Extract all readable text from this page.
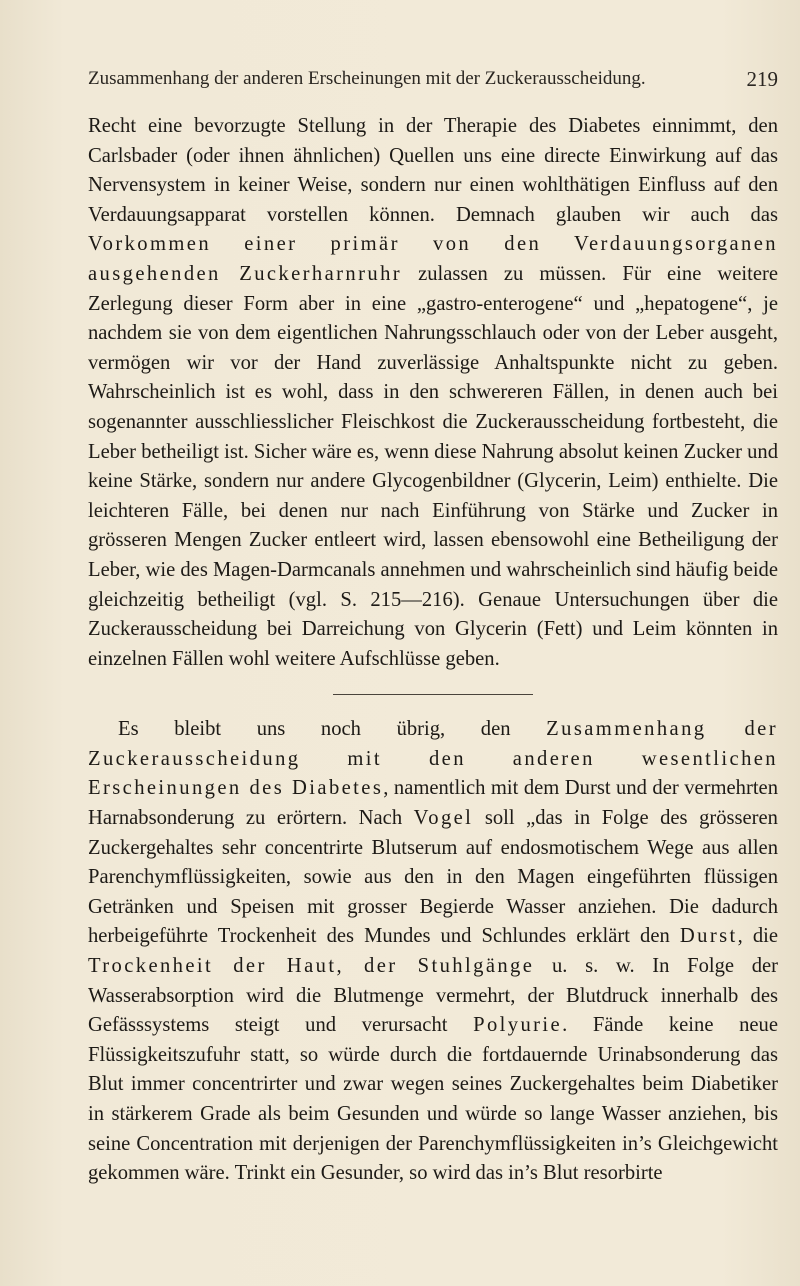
Zusammenhang der anderen Erscheinungen mit der Zuckerausscheidung.	219

Recht eine bevorzugte Stellung in der Therapie des Diabetes einnimmt, den Carlsbader (oder ihnen ähnlichen) Quellen uns eine directe Einwirkung auf das Nervensystem in keiner Weise, sondern nur einen wohlthätigen Einfluss auf den Verdauungsapparat vorstellen können. Demnach glauben wir auch das Vorkommen einer primär von den Verdauungsorganen ausgehenden Zuckerharnruhr zulassen zu müssen. Für eine weitere Zerlegung dieser Form aber in eine „gastro-enterogene“ und „hepatogene“, je nachdem sie von dem eigentlichen Nahrungsschlauch oder von der Leber ausgeht, vermögen wir vor der Hand zuverlässige Anhaltspunkte nicht zu geben. Wahrscheinlich ist es wohl, dass in den schwereren Fällen, in denen auch bei sogenannter ausschliesslicher Fleischkost die Zuckerausscheidung fortbesteht, die Leber betheiligt ist. Sicher wäre es, wenn diese Nahrung absolut keinen Zucker und keine Stärke, sondern nur andere Glycogenbildner (Glycerin, Leim) enthielte. Die leichteren Fälle, bei denen nur nach Einführung von Stärke und Zucker in grösseren Mengen Zucker entleert wird, lassen ebensowohl eine Betheiligung der Leber, wie des Magen-Darmcanals annehmen und wahrscheinlich sind häufig beide gleichzeitig betheiligt (vgl. S. 215—216). Genaue Untersuchungen über die Zuckerausscheidung bei Darreichung von Glycerin (Fett) und Leim könnten in einzelnen Fällen wohl weitere Aufschlüsse geben.

Es bleibt uns noch übrig, den Zusammenhang der Zuckerausscheidung mit den anderen wesentlichen Erscheinungen des Diabetes, namentlich mit dem Durst und der vermehrten Harnabsonderung zu erörtern. Nach Vogel soll „das in Folge des grösseren Zuckergehaltes sehr concentrirte Blutserum auf endosmotischem Wege aus allen Parenchymflüssigkeiten, sowie aus den in den Magen eingeführten flüssigen Getränken und Speisen mit grosser Begierde Wasser anziehen. Die dadurch herbeigeführte Trockenheit des Mundes und Schlundes erklärt den Durst, die Trockenheit der Haut, der Stuhlgänge u. s. w. In Folge der Wasserabsorption wird die Blutmenge vermehrt, der Blutdruck innerhalb des Gefässsystems steigt und verursacht Polyurie. Fände keine neue Flüssigkeitszufuhr statt, so würde durch die fortdauernde Urinabsonderung das Blut immer concentrirter und zwar wegen seines Zuckergehaltes beim Diabetiker in stärkerem Grade als beim Gesunden und würde so lange Wasser anziehen, bis seine Concentration mit derjenigen der Parenchymflüssigkeiten in’s Gleichgewicht gekommen wäre. Trinkt ein Gesunder, so wird das in’s Blut resorbirte
